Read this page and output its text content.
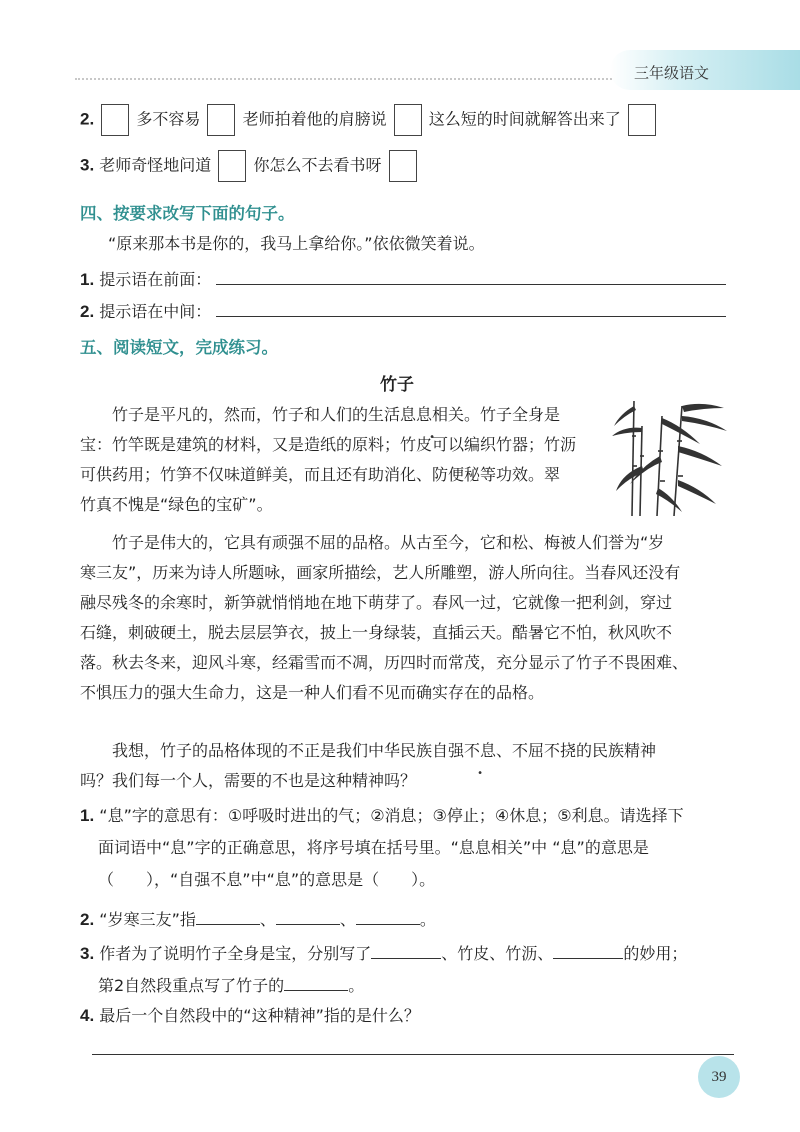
三年级语文
2.	多不容易	老师拍着他的肩膀说	这么短的时间就解答出来了
3. 老师奇怪地问道	你怎么不去看书呀
四、按要求改写下面的句子。
“原来那本书是你的，我马上拿给你。”依依微笑着说。
1. 提示语在前面：
2. 提示语在中间：
五、阅读短文，完成练习。
竹子
竹子是平凡的，然而，竹子和人们的生活息息相关。竹子全身是
宝：竹竿既是建筑的材料，又是造纸的原料；竹皮可以编织竹器；竹沥
可供药用；竹笋不仅味道鲜美，而且还有助消化、防便秘等功效。翠
竹真不愧是“绿色的宝矿”。
竹子是伟大的，它具有顽强不屈的品格。从古至今，它和松、梅被人们誉为“岁
寒三友”，历来为诗人所题咏，画家所描绘，艺人所雕塑，游人所向往。当春风还没有
融尽残冬的余寒时，新笋就悄悄地在地下萌芽了。春风一过，它就像一把利剑，穿过
石缝，刺破硬土，脱去层层笋衣，披上一身绿装，直插云天。酷暑它不怕，秋风吹不
落。秋去冬来，迎风斗寒，经霜雪而不凋，历四时而常茂，充分显示了竹子不畏困难、
不惧压力的强大生命力，这是一种人们看不见而确实存在的品格。
我想，竹子的品格体现的不正是我们中华民族自强不息、不屈不挠的民族精神
吗？我们每一个人，需要的不也是这种精神吗？
1. “息”字的意思有：①呼吸时进出的气；②消息；③停止；④休息；⑤利息。请选择下
面词语中“息”字的正确意思，将序号填在括号里。“息息相关”中 “息”的意思是
（　　），“自强不息”中“息”的意思是（　　）。
2. “岁寒三友”指	、	、	。
3. 作者为了说明竹子全身是宝，分别写了	、竹皮、竹沥、	的妙用；
第2自然段重点写了竹子的	。
4. 最后一个自然段中的“这种精神”指的是什么？
39
